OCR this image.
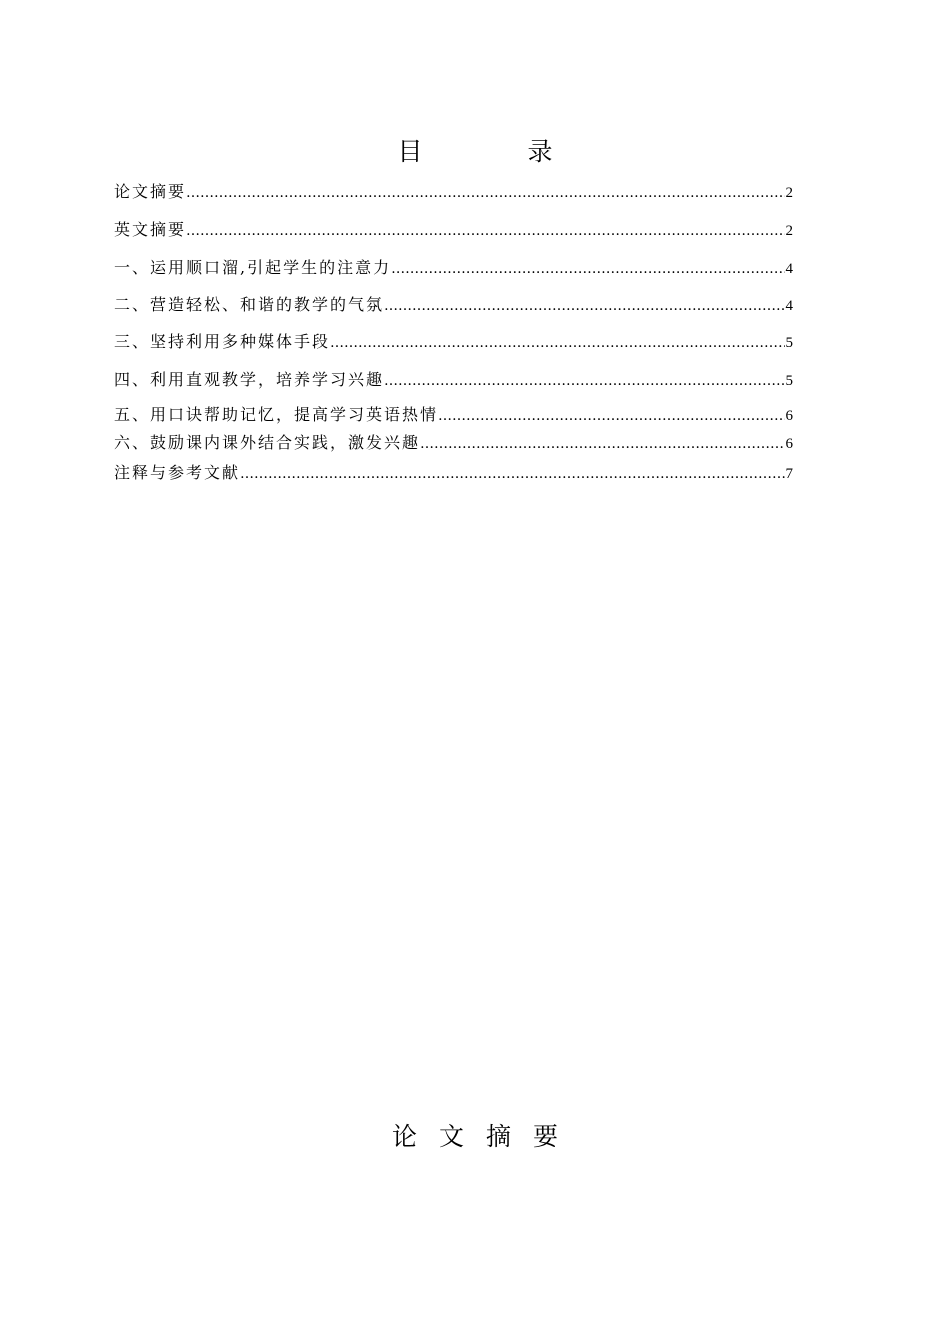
目	录
论文摘要 ……………………………………………………………………………………………………………………………………………………………………………………………………………………	2
英文摘要 ……………………………………………………………………………………………………………………………………………………………………………………………………………………	2
一、运用顺口溜,引起学生的注意力 ……………………………………………………………………………………………………………………………………………………………………………………………………………………	4
二、营造轻松、和谐的教学的气氛 ……………………………………………………………………………………………………………………………………………………………………………………………………………………	4
三、坚持利用多种媒体手段 ……………………………………………………………………………………………………………………………………………………………………………………………………………………	5
四、利用直观教学，培养学习兴趣 ……………………………………………………………………………………………………………………………………………………………………………………………………………………	5
五、用口诀帮助记忆，提高学习英语热情 ……………………………………………………………………………………………………………………………………………………………………………………………………………………	6
六、鼓励课内课外结合实践，激发兴趣 ……………………………………………………………………………………………………………………………………………………………………………………………………………………	6
注释与参考文献 ……………………………………………………………………………………………………………………………………………………………………………………………………………………	7
论 文 摘 要
